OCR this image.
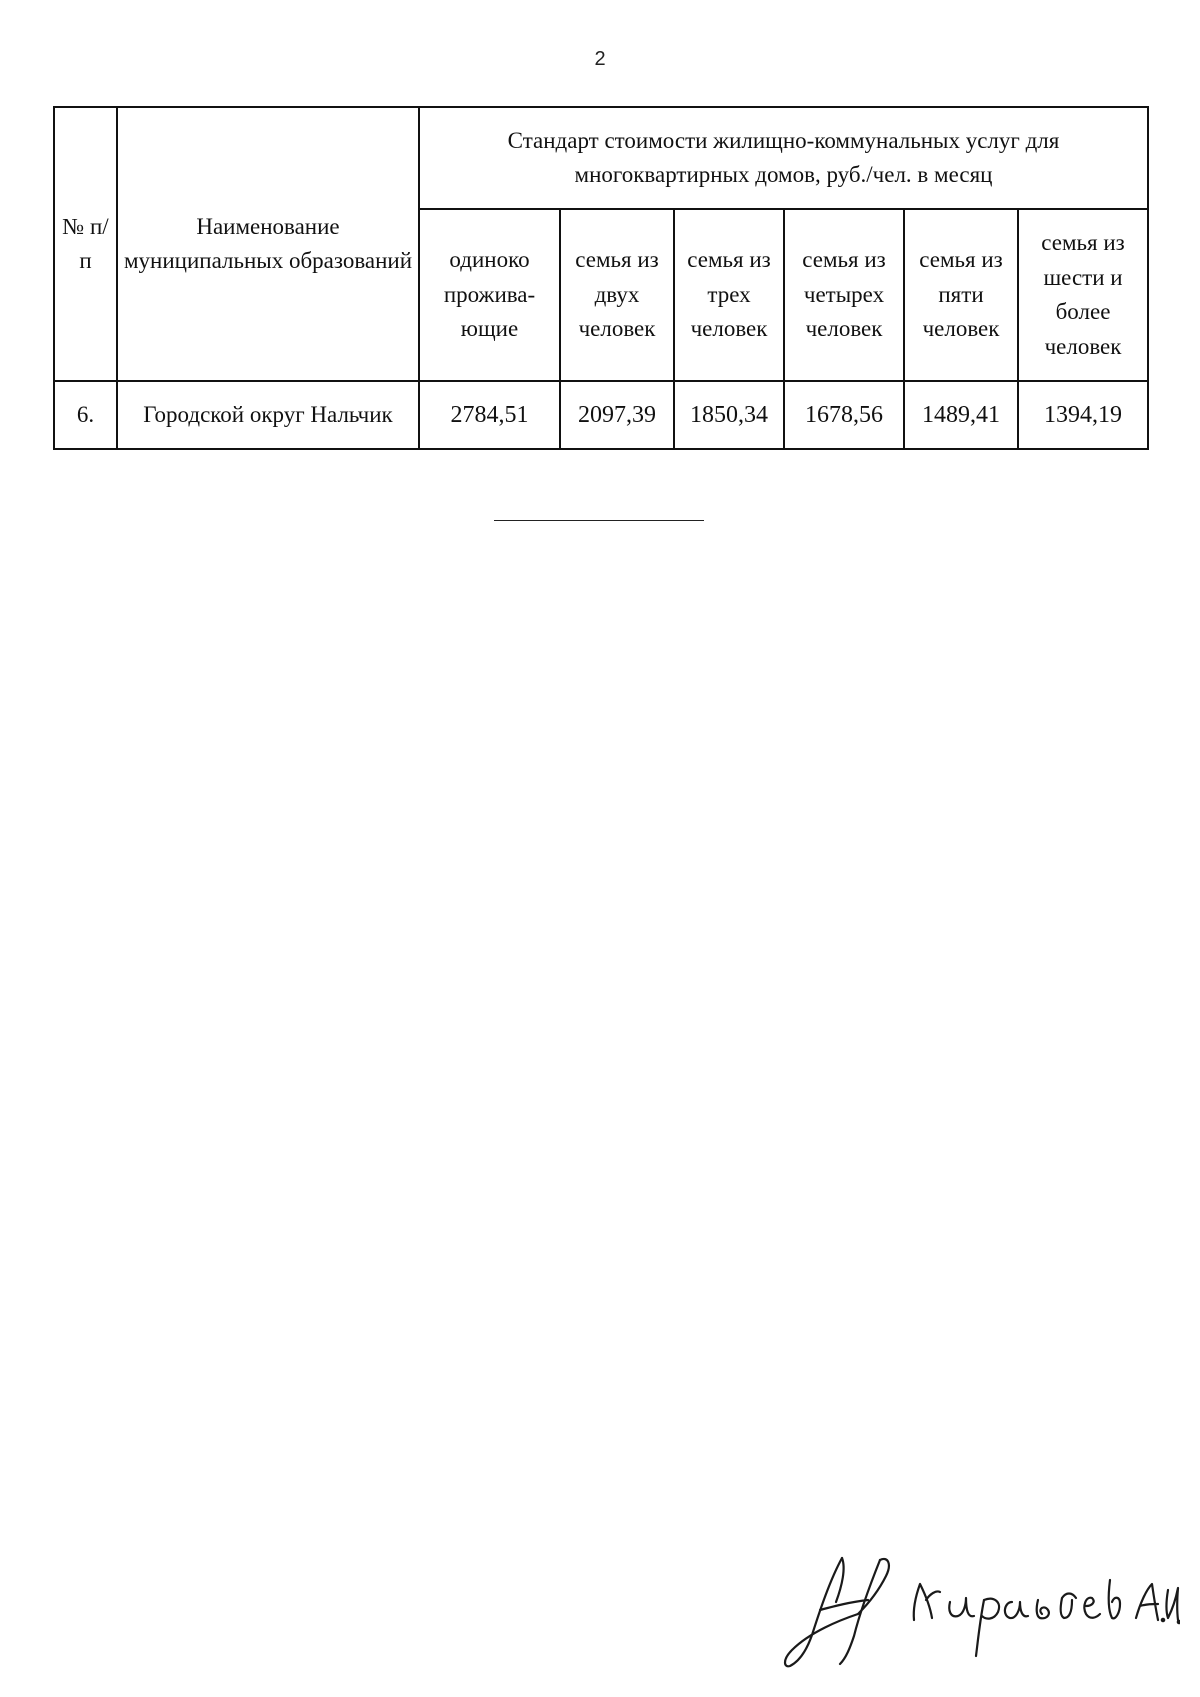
2
№ п/п	Наименование муниципальных образований	Стандарт стоимости жилищно-коммунальных услуг для многоквартирных домов, руб./чел. в месяц					
		одиноко прожива-ющие	семья из двух человек	семья из трех человек	семья из четырех человек	семья из пяти человек	семья из шести и более человек
6.	Городской округ Нальчик	2784,51	2097,39	1850,34	1678,56	1489,41	1394,19
